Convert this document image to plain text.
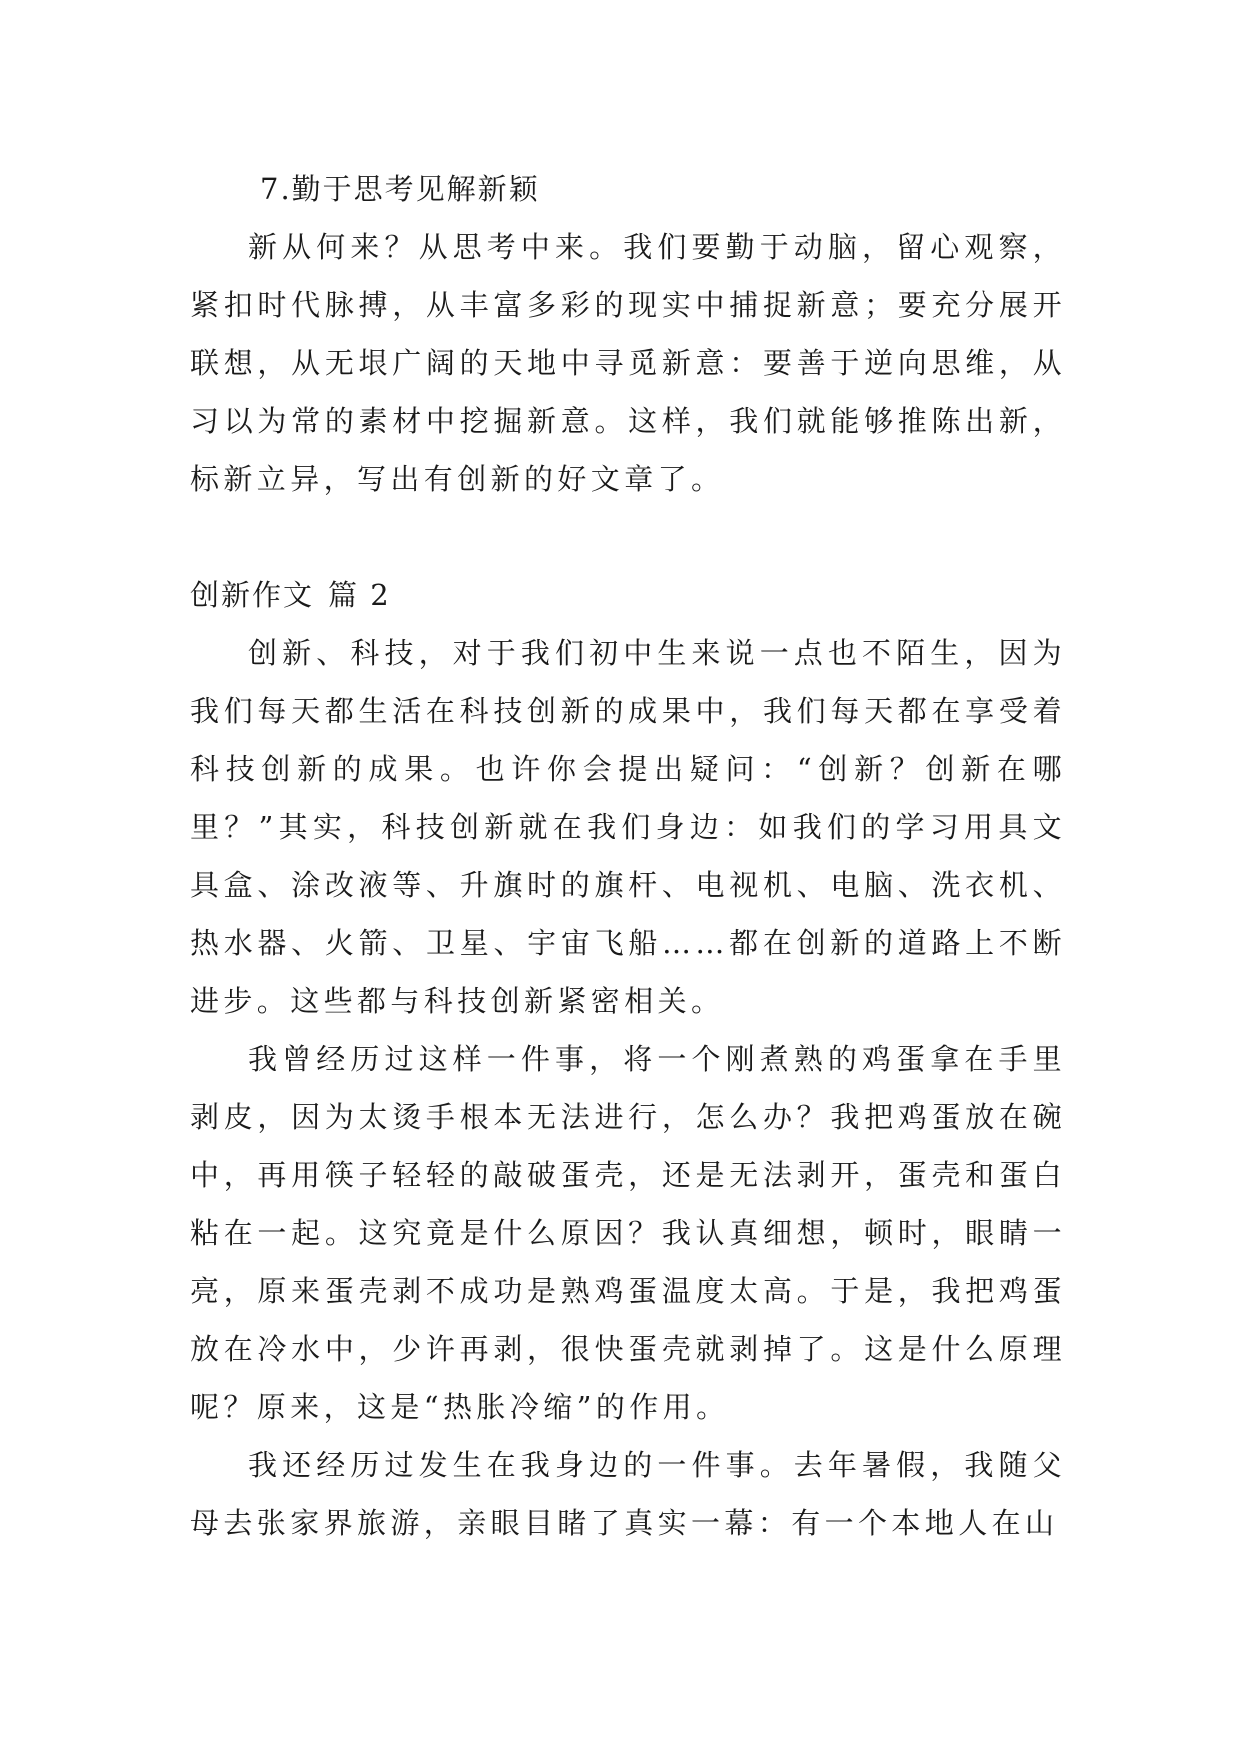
7.勤于思考见解新颖

新从何来？从思考中来。我们要勤于动脑，留心观察，紧扣时代脉搏，从丰富多彩的现实中捕捉新意；要充分展开联想，从无垠广阔的天地中寻觅新意：要善于逆向思维，从习以为常的素材中挖掘新意。这样，我们就能够推陈出新，标新立异，写出有创新的好文章了。

创新作文 篇 2

创新、科技，对于我们初中生来说一点也不陌生，因为我们每天都生活在科技创新的成果中，我们每天都在享受着科技创新的成果。也许你会提出疑问：“创新？创新在哪里？”其实，科技创新就在我们身边：如我们的学习用具文具盒、涂改液等、升旗时的旗杆、电视机、电脑、洗衣机、热水器、火箭、卫星、宇宙飞船……都在创新的道路上不断进步。这些都与科技创新紧密相关。

我曾经历过这样一件事，将一个刚煮熟的鸡蛋拿在手里剥皮，因为太烫手根本无法进行，怎么办？我把鸡蛋放在碗中，再用筷子轻轻的敲破蛋壳，还是无法剥开，蛋壳和蛋白粘在一起。这究竟是什么原因？我认真细想，顿时，眼睛一亮，原来蛋壳剥不成功是熟鸡蛋温度太高。于是，我把鸡蛋放在冷水中，少许再剥，很快蛋壳就剥掉了。这是什么原理呢？原来，这是“热胀冷缩”的作用。

我还经历过发生在我身边的一件事。去年暑假，我随父母去张家界旅游，亲眼目睹了真实一幕：有一个本地人在山
